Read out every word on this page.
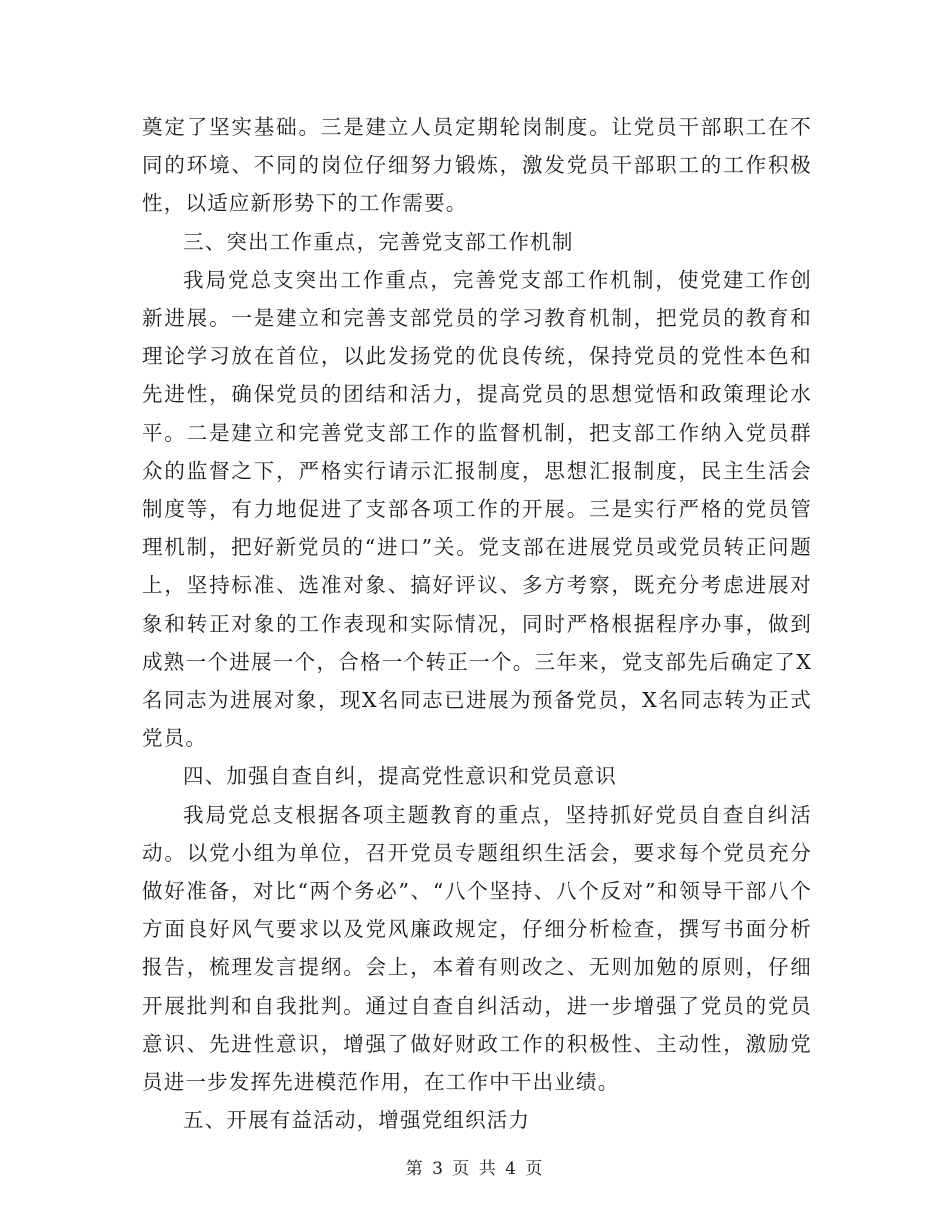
奠定了坚实基础。三是建立人员定期轮岗制度。让党员干部职工在不同的环境、不同的岗位仔细努力锻炼，激发党员干部职工的工作积极性，以适应新形势下的工作需要。

三、突出工作重点，完善党支部工作机制

我局党总支突出工作重点，完善党支部工作机制，使党建工作创新进展。一是建立和完善支部党员的学习教育机制，把党员的教育和理论学习放在首位，以此发扬党的优良传统，保持党员的党性本色和先进性，确保党员的团结和活力，提高党员的思想觉悟和政策理论水平。二是建立和完善党支部工作的监督机制，把支部工作纳入党员群众的监督之下，严格实行请示汇报制度，思想汇报制度，民主生活会制度等，有力地促进了支部各项工作的开展。三是实行严格的党员管理机制，把好新党员的“进口”关。党支部在进展党员或党员转正问题上，坚持标准、选准对象、搞好评议、多方考察，既充分考虑进展对象和转正对象的工作表现和实际情况，同时严格根据程序办事，做到成熟一个进展一个，合格一个转正一个。三年来，党支部先后确定了X名同志为进展对象，现X名同志已进展为预备党员，X名同志转为正式党员。

四、加强自查自纠，提高党性意识和党员意识

我局党总支根据各项主题教育的重点，坚持抓好党员自查自纠活动。以党小组为单位，召开党员专题组织生活会，要求每个党员充分做好准备，对比“两个务必”、“八个坚持、八个反对”和领导干部八个方面良好风气要求以及党风廉政规定，仔细分析检查，撰写书面分析报告，梳理发言提纲。会上，本着有则改之、无则加勉的原则，仔细开展批判和自我批判。通过自查自纠活动，进一步增强了党员的党员意识、先进性意识，增强了做好财政工作的积极性、主动性，激励党员进一步发挥先进模范作用，在工作中干出业绩。

五、开展有益活动，增强党组织活力

第 3 页 共 4 页
